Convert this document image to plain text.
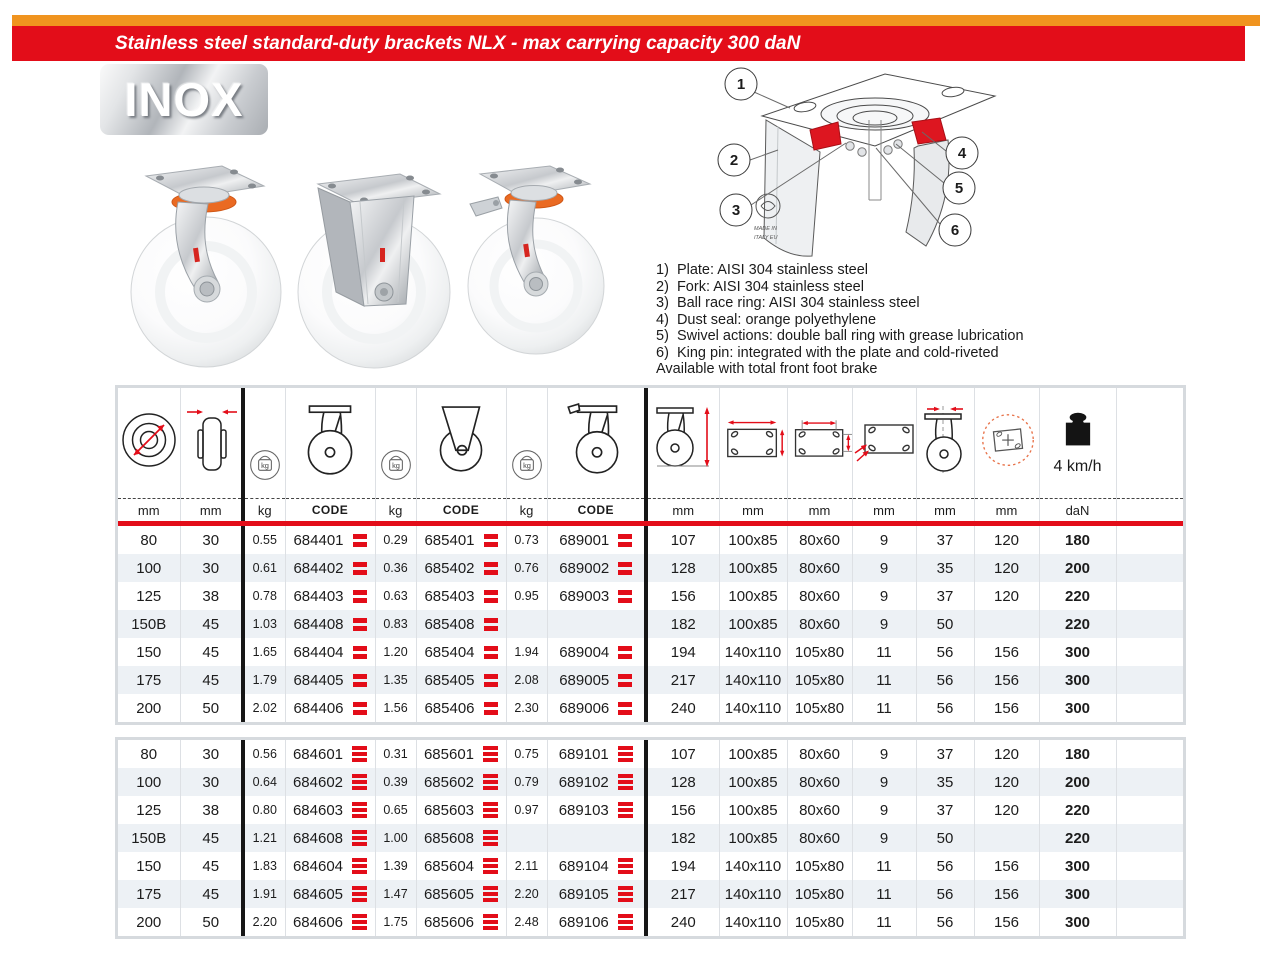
Stainless steel standard-duty brackets NLX - max carrying capacity 300 daN
INOX
MADE IN
ITALY EU
1
2
3
4
5
6
1)  Plate: AISI 304 stainless steel
2)  Fork: AISI 304 stainless steel
3)  Ball race ring: AISI 304 stainless steel
4)  Dust seal: orange polyethylene
5)  Swivel actions: double ball ring with grease lubrication
6)  King pin: integrated with the plate and cold-riveted
Available with total front foot brake

kg		kg		kg								4 km/h	

mm	mm	kg	CODE	kg	CODE	kg	CODE	mm	mm	mm	mm	mm	mm	daN	
80	30	0.55	684401	0.29	685401	0.73	689001	107	100x85	80x60	9	37	120	180	
100	30	0.61	684402	0.36	685402	0.76	689002	128	100x85	80x60	9	35	120	200	
125	38	0.78	684403	0.63	685403	0.95	689003	156	100x85	80x60	9	37	120	220	
150B	45	1.03	684408	0.83	685408			182	100x85	80x60	9	50		220	
150	45	1.65	684404	1.20	685404	1.94	689004	194	140x110	105x80	11	56	156	300	
175	45	1.79	684405	1.35	685405	2.08	689005	217	140x110	105x80	11	56	156	300	
200	50	2.02	684406	1.56	685406	2.30	689006	240	140x110	105x80	11	56	156	300	
80	30	0.56	684601	0.31	685601	0.75	689101	107	100x85	80x60	9	37	120	180	
100	30	0.64	684602	0.39	685602	0.79	689102	128	100x85	80x60	9	35	120	200	
125	38	0.80	684603	0.65	685603	0.97	689103	156	100x85	80x60	9	37	120	220	
150B	45	1.21	684608	1.00	685608			182	100x85	80x60	9	50		220	
150	45	1.83	684604	1.39	685604	2.11	689104	194	140x110	105x80	11	56	156	300	
175	45	1.91	684605	1.47	685605	2.20	689105	217	140x110	105x80	11	56	156	300	
200	50	2.20	684606	1.75	685606	2.48	689106	240	140x110	105x80	11	56	156	300	
